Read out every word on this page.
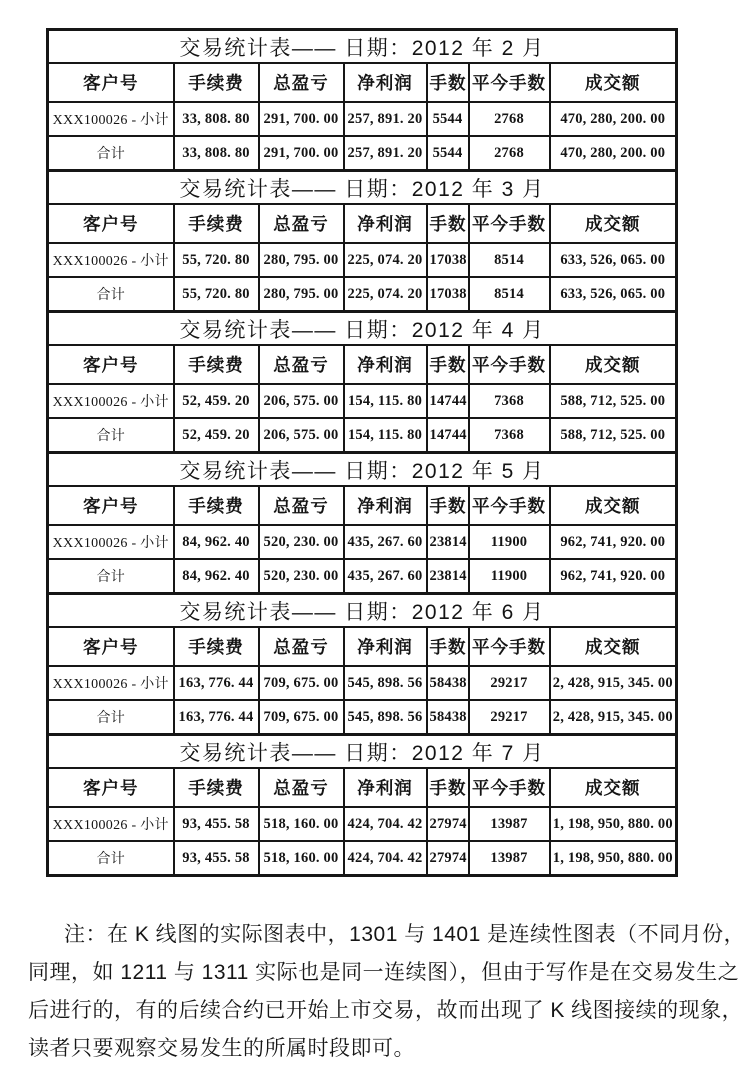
交易统计表—— 日期：2012 年 2 月						
客户号	手续费	总盈亏	净利润	手数	平今手数	成交额
XXX100026 - 小计	33, 808. 80	291, 700. 00	257, 891. 20	5544	2768	470, 280, 200. 00
合计	33, 808. 80	291, 700. 00	257, 891. 20	5544	2768	470, 280, 200. 00
交易统计表—— 日期：2012 年 3 月						
客户号	手续费	总盈亏	净利润	手数	平今手数	成交额
XXX100026 - 小计	55, 720. 80	280, 795. 00	225, 074. 20	17038	8514	633, 526, 065. 00
合计	55, 720. 80	280, 795. 00	225, 074. 20	17038	8514	633, 526, 065. 00
交易统计表—— 日期：2012 年 4 月						
客户号	手续费	总盈亏	净利润	手数	平今手数	成交额
XXX100026 - 小计	52, 459. 20	206, 575. 00	154, 115. 80	14744	7368	588, 712, 525. 00
合计	52, 459. 20	206, 575. 00	154, 115. 80	14744	7368	588, 712, 525. 00
交易统计表—— 日期：2012 年 5 月						
客户号	手续费	总盈亏	净利润	手数	平今手数	成交额
XXX100026 - 小计	84, 962. 40	520, 230. 00	435, 267. 60	23814	11900	962, 741, 920. 00
合计	84, 962. 40	520, 230. 00	435, 267. 60	23814	11900	962, 741, 920. 00
交易统计表—— 日期：2012 年 6 月						
客户号	手续费	总盈亏	净利润	手数	平今手数	成交额
XXX100026 - 小计	163, 776. 44	709, 675. 00	545, 898. 56	58438	29217	2, 428, 915, 345. 00
合计	163, 776. 44	709, 675. 00	545, 898. 56	58438	29217	2, 428, 915, 345. 00
交易统计表—— 日期：2012 年 7 月						
客户号	手续费	总盈亏	净利润	手数	平今手数	成交额
XXX100026 - 小计	93, 455. 58	518, 160. 00	424, 704. 42	27974	13987	1, 198, 950, 880. 00
合计	93, 455. 58	518, 160. 00	424, 704. 42	27974	13987	1, 198, 950, 880. 00
注：在 K 线图的实际图表中，1301 与 1401 是连续性图表（不同月份，
同理，如 1211 与 1311 实际也是同一连续图），但由于写作是在交易发生之
后进行的，有的后续合约已开始上市交易，故而出现了 K 线图接续的现象，
读者只要观察交易发生的所属时段即可。
